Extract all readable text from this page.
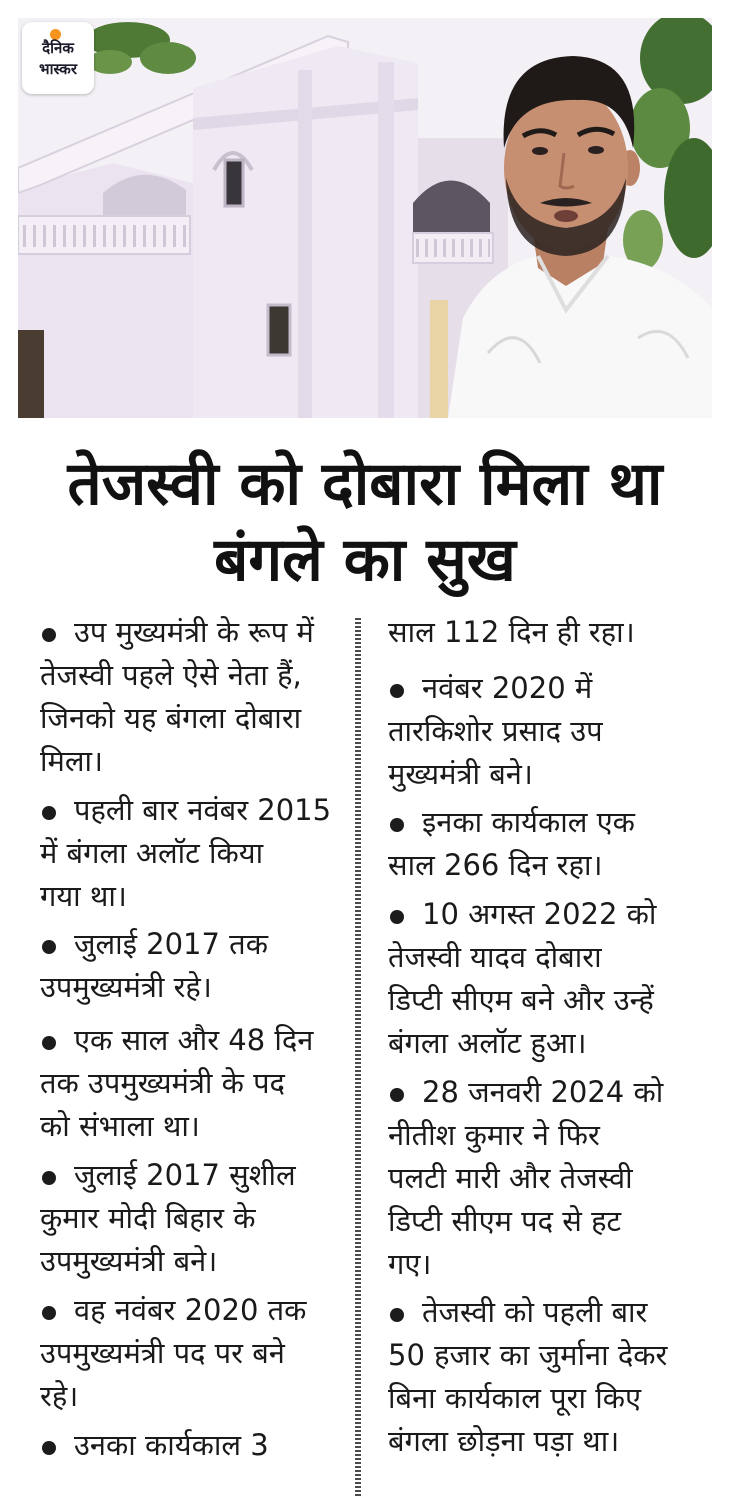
दैनिक
भास्कर
तेजस्वी को दोबारा मिला था
बंगले का सुख
उप मुख्यमंत्री के रूप में
तेजस्वी पहले ऐसे नेता हैं,
जिनको यह बंगला दोबारा
मिला।
पहली बार नवंबर 2015
में बंगला अलॉट किया
गया था।
जुलाई 2017 तक
उपमुख्यमंत्री रहे।
एक साल और 48 दिन
तक उपमुख्यमंत्री के पद
को संभाला था।
जुलाई 2017 सुशील
कुमार मोदी बिहार के
उपमुख्यमंत्री बने।
वह नवंबर 2020 तक
उपमुख्यमंत्री पद पर बने
रहे।
उनका कार्यकाल 3
साल 112 दिन ही रहा।
नवंबर 2020 में
तारकिशोर प्रसाद उप
मुख्यमंत्री बने।
इनका कार्यकाल एक
साल 266 दिन रहा।
10 अगस्त 2022 को
तेजस्वी यादव दोबारा
डिप्टी सीएम बने और उन्हें
बंगला अलॉट हुआ।
28 जनवरी 2024 को
नीतीश कुमार ने फिर
पलटी मारी और तेजस्वी
डिप्टी सीएम पद से हट
गए।
तेजस्वी को पहली बार
50 हजार का जुर्माना देकर
बिना कार्यकाल पूरा किए
बंगला छोड़ना पड़ा था।
